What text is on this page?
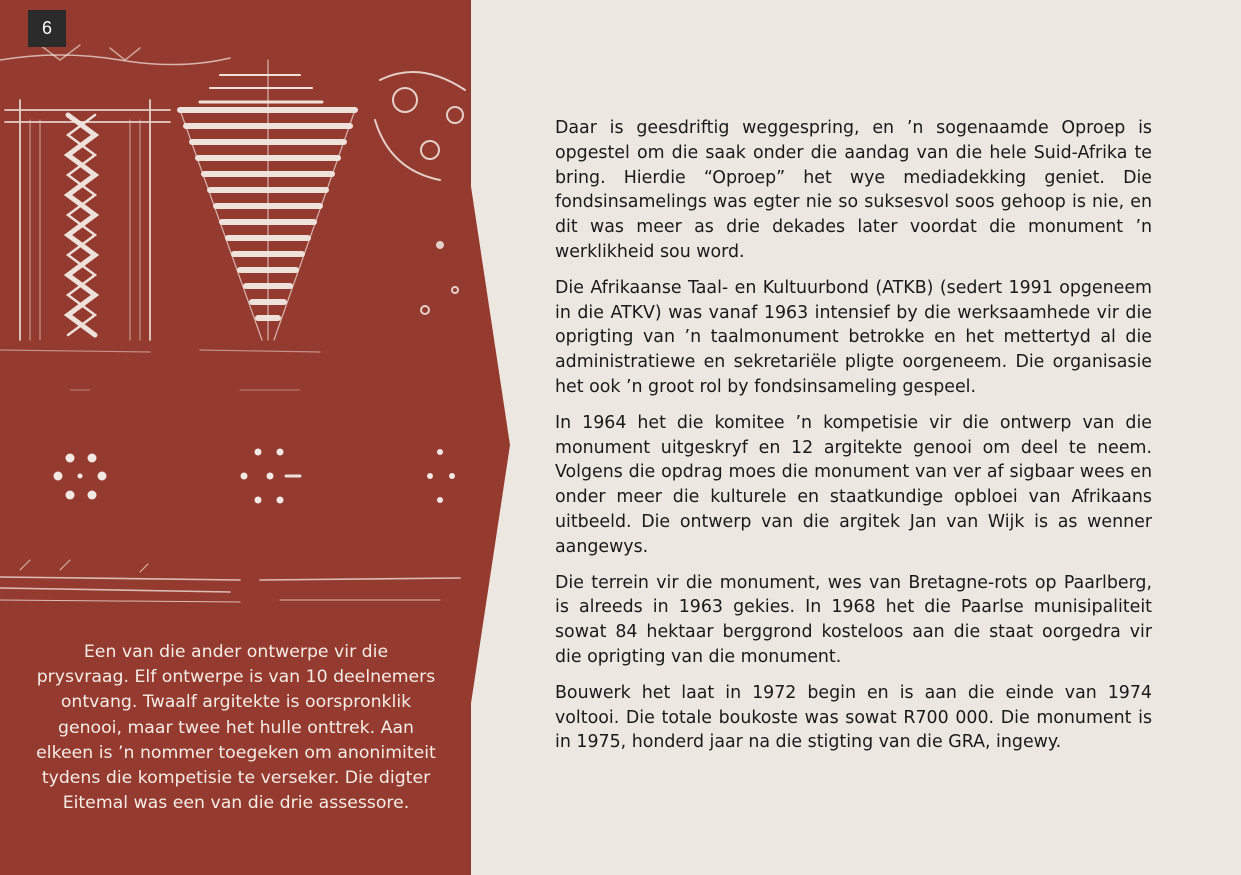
6
Een van die ander ontwerpe vir die prysvraag. Elf ontwerpe is van 10 deelnemers ontvang. Twaalf argitekte is oorspronklik genooi, maar twee het hulle onttrek. Aan elkeen is ’n nommer toegeken om anonimiteit tydens die kompetisie te verseker. Die digter Eitemal was een van die drie assessore.

Daar is geesdriftig weggespring, en ’n sogenaamde Oproep is opgestel om die saak onder die aandag van die hele Suid-Afrika te bring. Hierdie “Oproep” het wye mediadekking geniet. Die fondsinsamelings was egter nie so suksesvol soos gehoop is nie, en dit was meer as drie dekades later voordat die monument ’n werklikheid sou word.

Die Afrikaanse Taal- en Kultuurbond (ATKB) (sedert 1991 opgeneem in die ATKV) was vanaf 1963 intensief by die werksaamhede vir die oprigting van ’n taalmonument betrokke en het mettertyd al die administratiewe en sekretariële pligte oorgeneem. Die organisasie het ook ’n groot rol by fondsinsameling gespeel.

In 1964 het die komitee ’n kompetisie vir die ontwerp van die monument uitgeskryf en 12 argitekte genooi om deel te neem. Volgens die opdrag moes die monument van ver af sigbaar wees en onder meer die kulturele en staatkundige opbloei van Afrikaans uitbeeld. Die ontwerp van die argitek Jan van Wijk is as wenner aangewys.

Die terrein vir die monument, wes van Bretagne-rots op Paarlberg, is alreeds in 1963 gekies. In 1968 het die Paarlse munisipaliteit sowat 84 hektaar berggrond kosteloos aan die staat oorgedra vir die oprigting van die monument.

Bouwerk het laat in 1972 begin en is aan die einde van 1974 voltooi. Die totale boukoste was sowat R700 000. Die monument is in 1975, honderd jaar na die stigting van die GRA, ingewy.
